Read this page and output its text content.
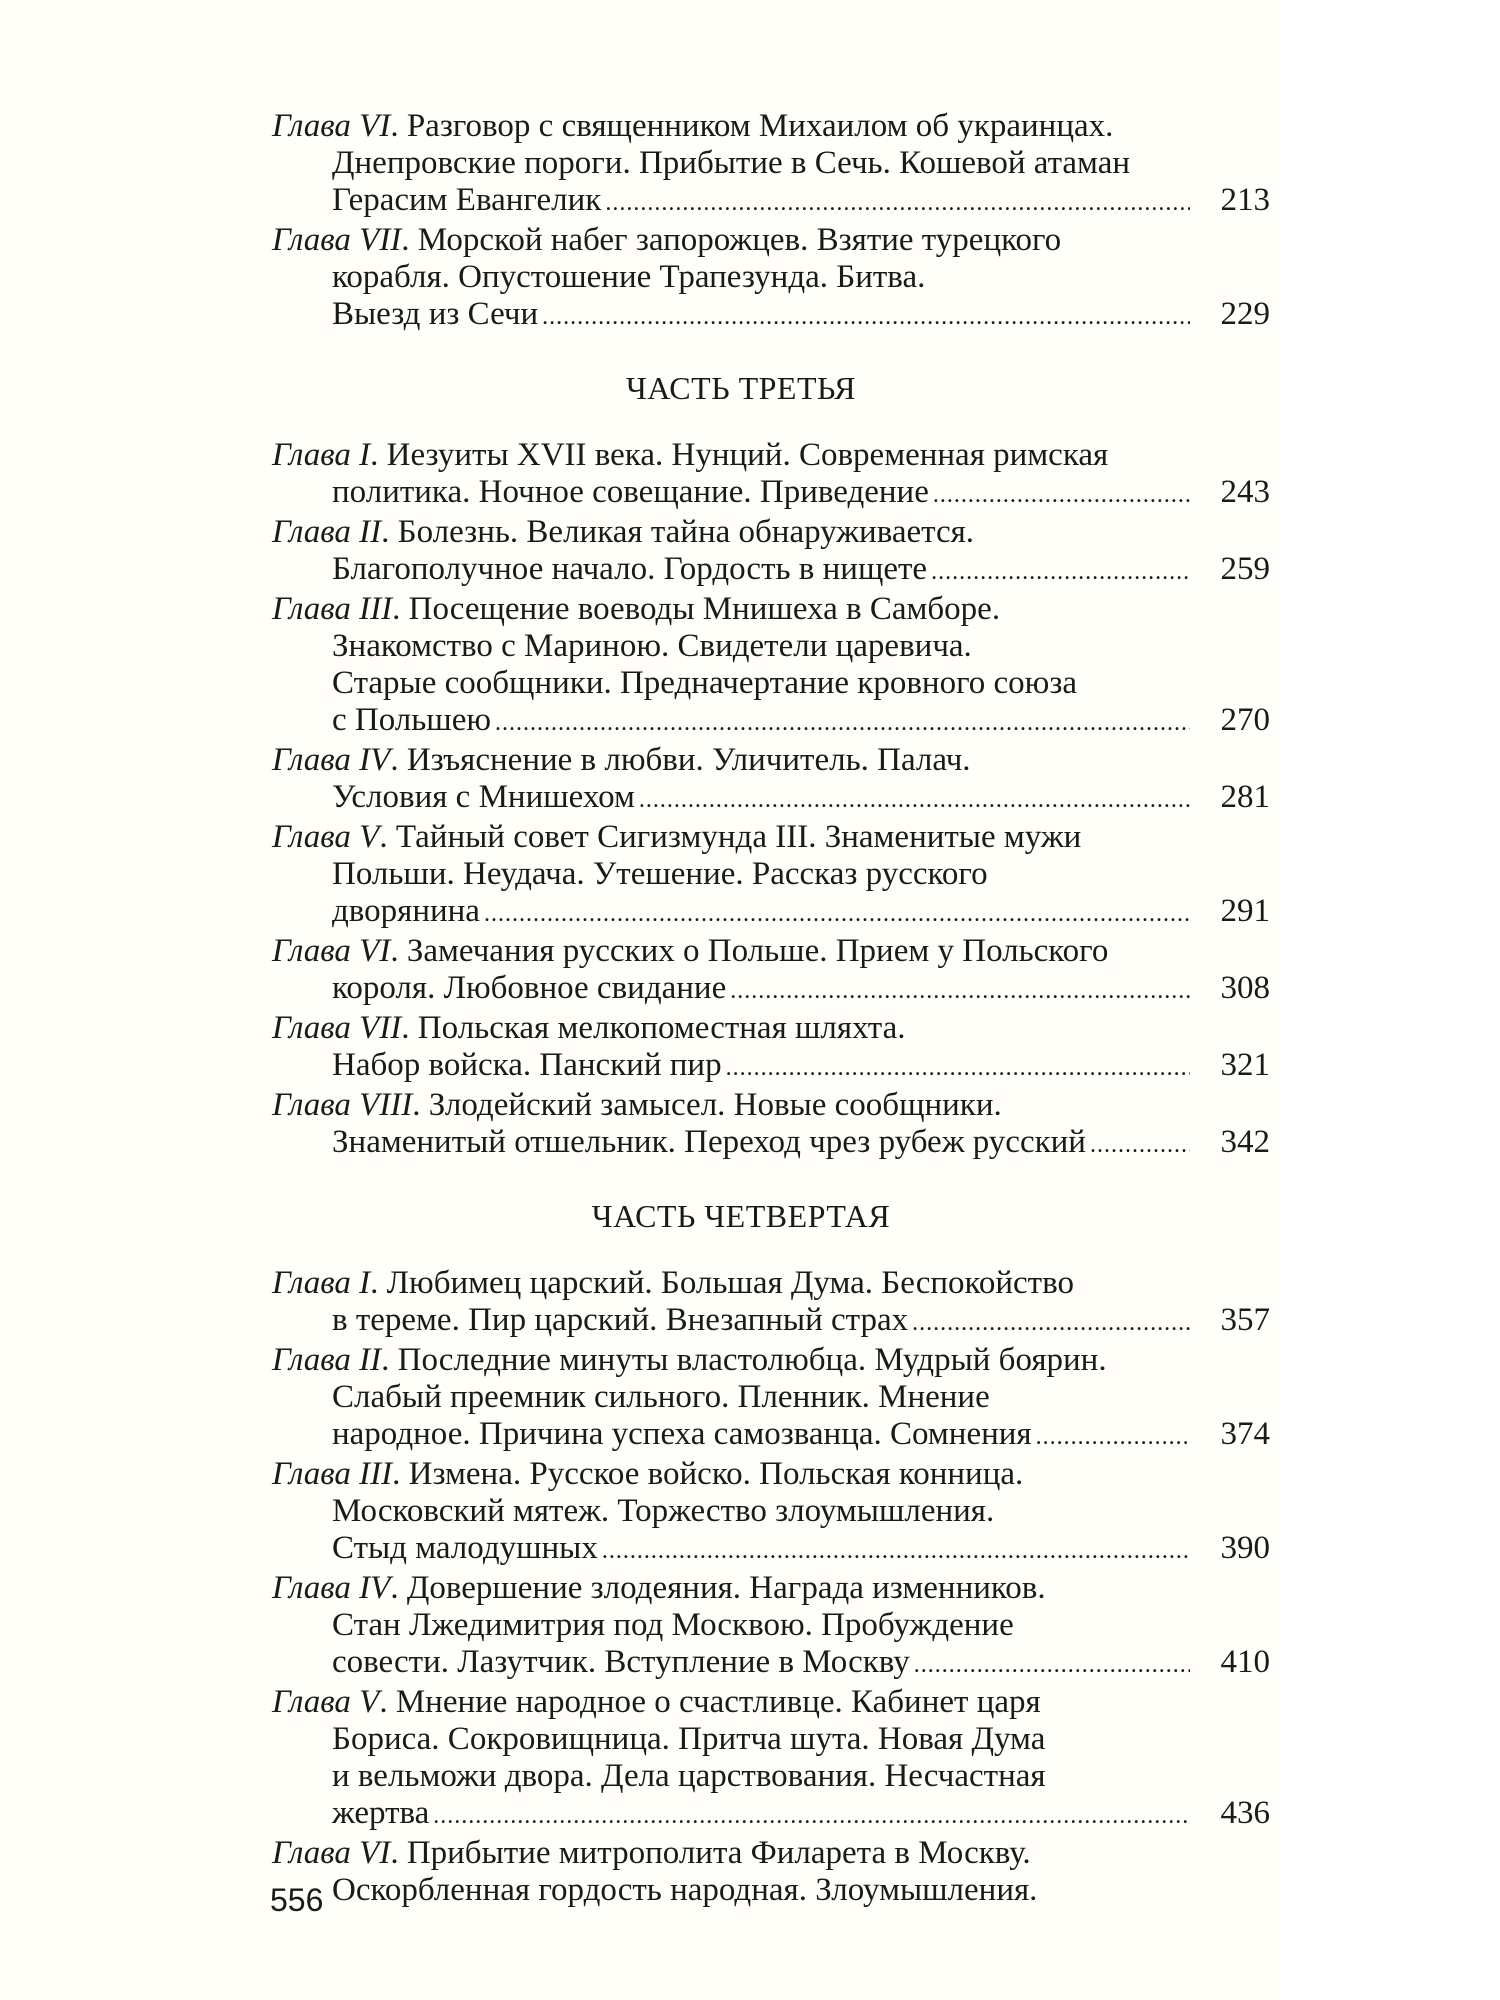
Глава VI. Разговор с священником Михаилом об украинцах.
Днепровские пороги. Прибытие в Сечь. Кошевой атаман
Герасим Евангелик .....	213
Глава VII. Морской набег запорожцев. Взятие турецкого
корабля. Опустошение Трапезунда. Битва.
Выезд из Сечи .....	229
ЧАСТЬ ТРЕТЬЯ
Глава I. Иезуиты XVII века. Нунций. Современная римская
политика. Ночное совещание. Приведение .....	243
Глава II. Болезнь. Великая тайна обнаруживается.
Благополучное начало. Гордость в нищете .....	259
Глава III. Посещение воеводы Мнишеха в Самборе.
Знакомство с Мариною. Свидетели царевича.
Старые сообщники. Предначертание кровного союза
с Польшею .....	270
Глава IV. Изъяснение в любви. Уличитель. Палач.
Условия с Мнишехом .....	281
Глава V. Тайный совет Сигизмунда III. Знаменитые мужи
Польши. Неудача. Утешение. Рассказ русского
дворянина .....	291
Глава VI. Замечания русских о Польше. Прием у Польского
короля. Любовное свидание .....	308
Глава VII. Польская мелкопоместная шляхта.
Набор войска. Панский пир .....	321
Глава VIII. Злодейский замысел. Новые сообщники.
Знаменитый отшельник. Переход чрез рубеж русский .....	342
ЧАСТЬ ЧЕТВЕРТАЯ
Глава I. Любимец царский. Большая Дума. Беспокойство
в тереме. Пир царский. Внезапный страх .....	357
Глава II. Последние минуты властолюбца. Мудрый боярин.
Слабый преемник сильного. Пленник. Мнение
народное. Причина успеха самозванца. Сомнения .....	374
Глава III. Измена. Русское войско. Польская конница.
Московский мятеж. Торжество злоумышления.
Стыд малодушных .....	390
Глава IV. Довершение злодеяния. Награда изменников.
Стан Лжедимитрия под Москвою. Пробуждение
совести. Лазутчик. Вступление в Москву .....	410
Глава V. Мнение народное о счастливце. Кабинет царя
Бориса. Сокровищница. Притча шута. Новая Дума
и вельможи двора. Дела царствования. Несчастная
жертва .....	436
Глава VI. Прибытие митрополита Филарета в Москву.
Оскорбленная гордость народная. Злоумышления.
556
